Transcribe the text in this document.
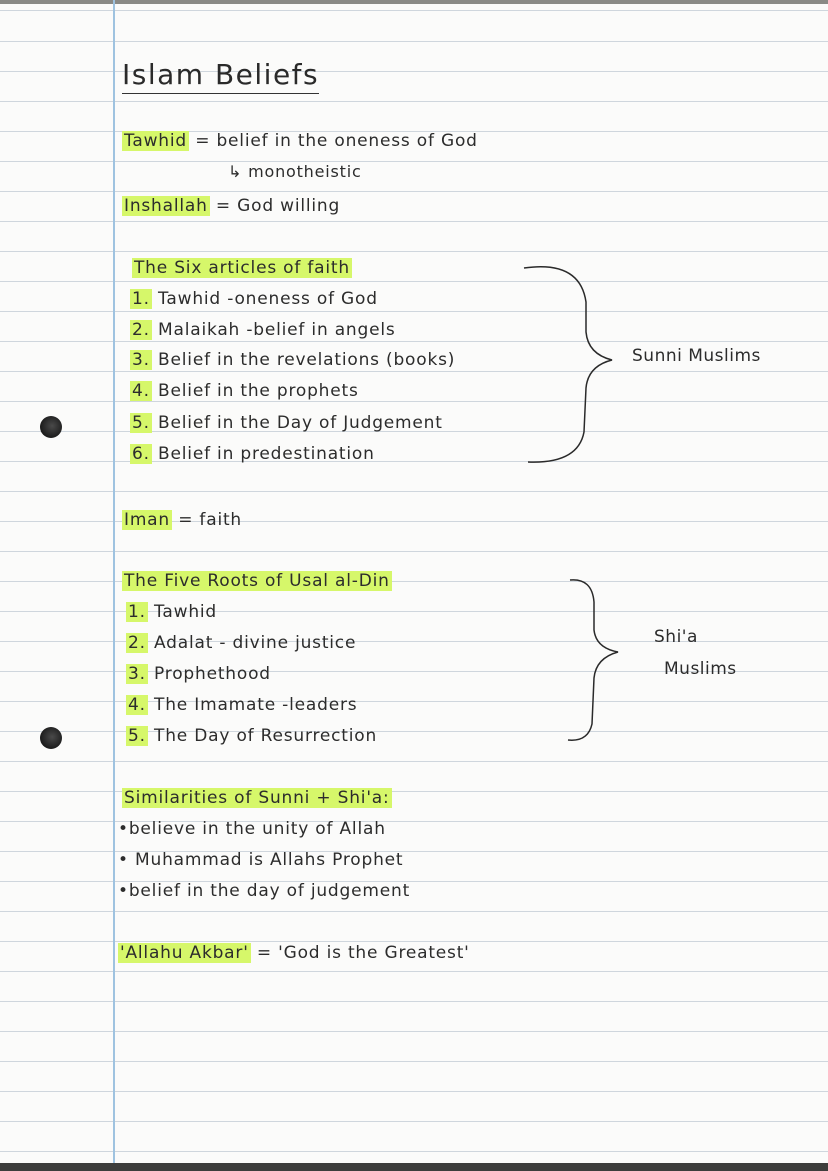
Islam Beliefs
Tawhid = belief in the oneness of God
↳ monotheistic
Inshallah = God willing
The Six articles of faith
1. Tawhid -oneness of God
2. Malaikah -belief in angels
3. Belief in the revelations (books)
4. Belief in the prophets
5. Belief in the Day of Judgement
6. Belief in predestination
Sunni Muslims
Iman = faith
The Five Roots of Usal al-Din
1. Tawhid
2. Adalat - divine justice
3. Prophethood
4. The Imamate -leaders
5. The Day of Resurrection
Shi'a
Muslims
Similarities of Sunni + Shi'a:
•believe in the unity of Allah
• Muhammad is Allahs Prophet
•belief in the day of judgement
'Allahu Akbar' = 'God is the Greatest'
